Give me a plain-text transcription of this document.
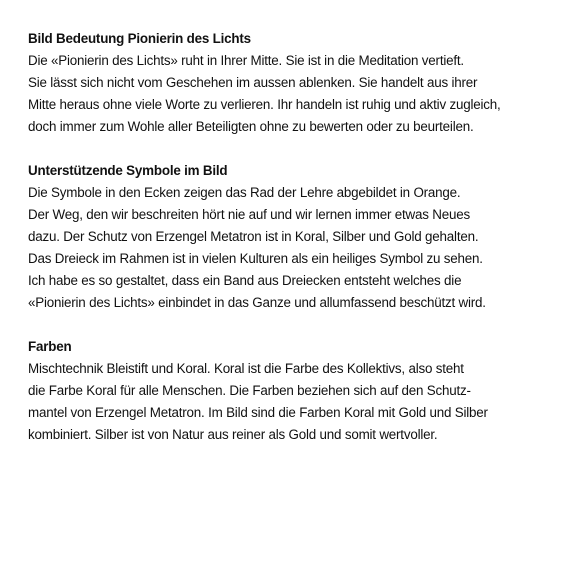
Bild Bedeutung Pionierin des Lichts
Die «Pionierin des Lichts» ruht in Ihrer Mitte. Sie ist in die Meditation vertieft.
Sie lässt sich nicht vom Geschehen im aussen ablenken. Sie handelt aus ihrer
Mitte heraus ohne viele Worte zu verlieren. Ihr handeln ist ruhig und aktiv zugleich,
doch immer zum Wohle aller Beteiligten ohne zu bewerten oder zu beurteilen.
Unterstützende Symbole im Bild
Die Symbole in den Ecken zeigen das Rad der Lehre abgebildet in Orange.
Der Weg, den wir beschreiten hört nie auf und wir lernen immer etwas Neues
dazu. Der Schutz von Erzengel Metatron ist in Koral, Silber und Gold gehalten.
Das Dreieck im Rahmen ist in vielen Kulturen als ein heiliges Symbol zu sehen.
Ich habe es so gestaltet, dass ein Band aus Dreiecken entsteht welches die
«Pionierin des Lichts» einbindet in das Ganze und allumfassend beschützt wird.
Farben
Mischtechnik Bleistift und Koral. Koral ist die Farbe des Kollektivs, also steht
die Farbe Koral für alle Menschen. Die Farben beziehen sich auf den Schutz-
mantel von Erzengel Metatron. Im Bild sind die Farben Koral mit Gold und Silber
kombiniert. Silber ist von Natur aus reiner als Gold und somit wertvoller.
